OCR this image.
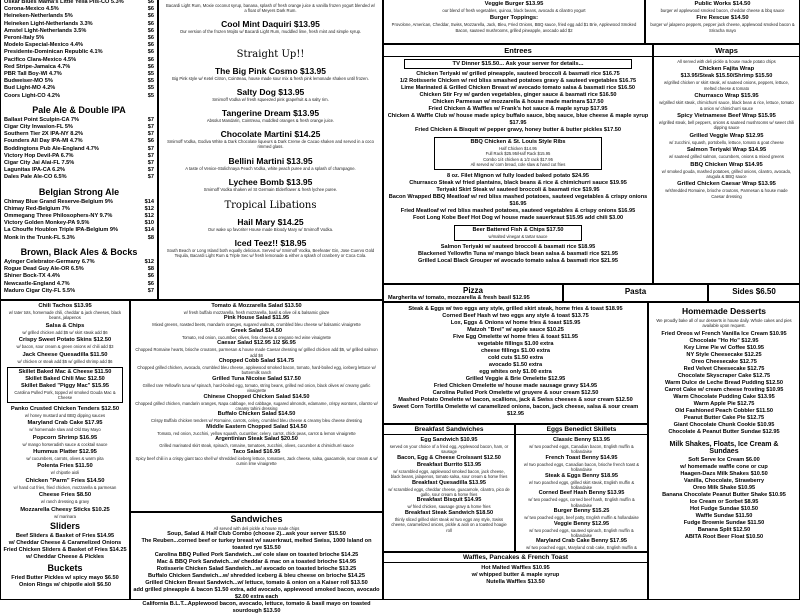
Oskar Blues Mama's Little Yella Pils-CO 5.3%	$6
Corona-Mexico 4.5%	$6
Heineken-Netherlands 5%	$6
Heineken Light-Netherlands 3.3%	$6
Amstel Light-Netherlands 3.5%	$6
Peroni-Italy 5%	$6
Modelo Especial-Mexico 4.4%	$6
Presidente-Dominican Republic 4.1%	$6
Pacifico Clara-Mexico 4.5%	$6
Red Stripe-Jamaica 4.7%	$6
PBR Tall Boy-WI 4.7%	$5
Budweiser-MO 5%	$5
Bud Light-MO 4.2%	$5
Coors Light-CO 4.2%	$5
Pale Ale & Double IPA
Ballast Point Sculpin-CA 7%	$7
Cigar City Invasion-FL 5%	$7
Southern Tier 2X IPA-NY 8.2%	$7
Founders All Day IPA-MI 4.7%	$6
Boddingtons Pub Ale-England 4.7%	$7
Victory Hop Devil-PA 6.7%	$7
Cigar City Jai Alai-FL 7.5%	$7
Lagunitas IPA-CA 6.2%	$7
Dales Pale Ale-CO 6.5%	$7
Belgian Strong Ale
Chimay Blue Grand Reserve-Belgium 9%	$14
Chimay Red-Belgium 7%	$12
Ommegang Three Philosophers-NY 9.7%	$12
Victory Golden Monkey-PA 9.5%	$10
La Chouffe Houblon Triple IPA-Belgium 9%	$14
Monk in the Trunk-FL 5.3%	$8
Brown, Black Ales & Bocks
Ayinger Celebrator-Germany 6.7%	$12
Rogue Dead Guy Ale-OR 6.5%	$8
Shiner Bock-TX 4.4%	$6
Newcastle-England 4.7%	$6
Maduro Cigar City-FL 5.5%	$7
Bacardi Light Rum, Moxie coconut syrup, banana, splash of fresh orange juice & vanilla frozen yogurt blended w/ a float of Meyers Dark Rum.
Cool Mint Daquiri $13.95
Our version of the frozen Mojito w/ Bacardi Light Rum, muddled lime, fresh mint and simple syrup.
Straight Up!!
The Big Pink Cosmo $13.95
Big Pink style w/ Ketel Citron, Cointreau, house made sour mix & fresh pink lemonade shaken until frozen.
Salty Dog $13.95
Smirnoff Vodka w/ fresh squeezed pink grapefruit & a salty rim.
Tangerine Dream $13.95
Absolut Mandarin, Cointreau, muddled oranges & fresh orange juice.
Chocolate Martini $14.25
Smirnoff Vodka, Godiva White & Dark Chocolate liqueurs & Dark Creme de Cacao shaken and served in a coco rimmed glass.
Bellini Martini $13.95
A taste of Venice-Stolichnaya Peach Vodka, white peach puree and a splash of champagne.
Lychee Bomb $13.95
Smirnoff Vodka shaken w/ St Germain Elderflower & fresh lychee puree.
Tropical Libations
Hail Mary $14.25
Our wake up favorite! House made Bloody Mary w/ Smirnoff Vodka.
Iced Teez!! $18.95
South Beach or Long Island both equally delicious. Served w/ Smirnoff Vodka, Beefeater Gin, Jose Cuervo Gold Tequila, Bacardi Light Rum & Triple Sec w/ fresh lemonade & either a splash of cranberry or Coca Cola.
Veggie Burger $13.95
our blend of fresh vegetables, quinoa, black beans, avocado & cilantro yogurt
Burger Toppings:
Provolone, American, Cheddar, Swiss, Mozzarella, Jack, Bleu, Fried Onions, BBQ sauce, fried egg add $1 Brie, Applewood Smoked Bacon, sauteed mushrooms, grilled pineapple, avocado add $2
Public Works $14.50
burger w/ applewood smoked bacon, cheddar cheese & bbq sauce
Fire Rescue $14.50
burger w/ jalapeno peppers, pepper jack cheese, applewood smoked bacon & Sriracha mayo
Entrees
TV Dinner $15.50... Ask your server for details...
Chicken Teriyaki w/ grilled pineapple, sauteed broccoli & basmati rice $16.75
1/2 Rotisserie Chicken w/ red bliss smashed potatoes gravy & sauteed vegetables $16.75
Lime Marinated & Grilled Chicken Breast w/ avocado tomato salsa & basmati rice $16.50
Chicken Stir Fry w/ garden vegetables, ginger sauce & basmati rice $16.50
Chicken Parmesan w/ mozzarella & house made marinara $17.50
Fried Chicken & Waffles w/ Frank's hot sauce & maple syrup $17.95
Chicken & Waffle Club w/ house made spicy buffalo sauce, bbq sauce, blue cheese & maple syrup $17.95
Fried Chicken & Bisquit w/ pepper gravy, honey butter & butter pickles $17.50
BBQ Chicken & St. Louis Style Ribs
Half Chicken $14.95
Full Rack $25.95/Half Rack $15.95
Combo 1/4 chicken & 1/2 rack $17.95
All served w/ corn bread, cole slaw & hand cut fries
8 oz. Filet Mignon w/ fully loaded baked potato $24.95
Churrasco Steak w/ fried plantains, black beans & rice & chimichurri sauce $19.95
Teriyaki Skirt Steak w/ sauteed broccoli & basmati rice $19.95
Bacon Wrapped BBQ Meatloaf w/ red bliss mashed potatoes, sauteed vegetables & crispy onions $16.95
Fried Meatloaf w/ red bliss mashed potatoes, sauteed vegetables & crispy onions $16.95
Foot Long Kobe Beef Hot Dog w/ house made sauerkraut $15.95 add chili $3.00
Beer Battered Fish & Chips $17.50
w/malted vinegar & tartar sauce
Salmon Teriyaki w/ sauteed broccoli & basmati rice $18.95
Blackened Yellowfin Tuna w/ mango black bean salsa & basmati rice $21.95
Grilled Local Black Grouper w/ avocado tomato salsa & basmati rice $21.95
Wraps
All served with deli pickle & house made potato chips
Chicken Fajita Wrap
$13.95/Steak $15.50/Shrimp $15.50
w/grilled chicken or skirt steak, w/ sauteed onions, peppers, lettuce, melted cheese & tomato
Churrasco Wrap $15.95
w/grilled skirt steak, chimichurri sauce, black bean & rice, lettuce, tomato & onion w/ chimichurri sauce
Spicy Vietnamese Beef Wrap $15.95
w/grilled steak, bell peppers, onions & sauteed mushrooms w/ sweet chili dipping sauce
Grilled Veggie Wrap $12.95
w/ zucchini, squash, portobello, lettuce, tomato & goat cheese
Salmon Teriyaki Wrap $14.95
w/ sauteed grilled salmon, cucumbers, onions & mixed greens
BBQ Chicken Wrap $14.95
w/ smoked gouda, mashed potatoes, grilled onions, cilantro, avocado, arugula & BBQ sauce
Grilled Chicken Caesar Wrap $13.95
w/shredded Romaine, brioche croutons, Parmesan & house made Caesar dressing
Chili Tachos $13.95
w/ tater tots, homemade chili, cheddar & jack cheeses, black beans, jalapenos
Salsa & Chips
w/ grilled chicken add $5 w/ skirt steak add $6
Crispy Sweet Potato Skins $12.50
w/ bacon, sour cream & green onions w/ chili add $3
Jack Cheese Quesadilla $11.50
w/ chicken or steak add $5 w/ grilled shrimp add $6
Skillet Baked Mac & Cheese $11.50
Skillet Baked Chili Mac $12.50
Skillet Baked "Piggy Mac" $15.95
Carolina Pulled Pork, topped w/ smoked Gouda Mac & Cheese
Panko Crusted Chicken Tenders $12.50
w/ honey mustard and BBQ dipping sauces
Maryland Crab Cake $17.95
w/ homemade slaw and Old Bay Mayo
Popcorn Shrimp $16.95
w/ mango horseradish sauce & cocktail sauce
Hummus Platter $12.95
w/ cucumbers, carrots, olives & warm pita
Polenta Fries $11.50
w/ chipotle aioli
Chicken "Parm" Fries $14.50
w/ hand cut fries, fried chicken, mozzarella & parmesan
Cheese Fries $8.50
w/ ranch dressing & gravy
Mozzarella Cheesy Sticks $10.25
w/ marinara
Sliders
Beef Sliders & Basket of Fries $14.95
w/ Cheddar Cheese & Caramelized Onions
Fried Chicken Sliders & Basket of Fries $14.25
w/ Cheddar Cheese & Pickles
Buckets
Fried Butter Pickles w/ spicy mayo $6.50
Onion Rings w/ chipotle aioli $6.50
Tomato & Mozzarella Salad $13.50
w/ fresh buffalo mozzarella, fresh mozzarella, basil & olive oil & balsamic glaze
Pink House Salad $11.95
Mixed greens, roasted beets, mandarin oranges, sugared walnuts, crumbled bleu cheese w/ balsamic vinaigrette
Greek Salad $14.50
Tomato, red onion, cucumber, olives, feta cheese & oregano red wine vinaigrette
Caesar Salad $12.95 1/2 $6.95
Chopped Romaine hearts, brioche croutons, parmesan & house made Caesar dressing w/ grilled chicken add $5, w/ grilled salmon add $6
Chopped Cobb Salad $14.75
Chopped grilled chicken, avocado, crumbled bleu cheese, applewood smoked bacon, tomato, hard-boiled egg, iceberg lettuce w/ buttermilk ranch
Grilled Tuna Nicoise Salad $17.50
Grilled rare Yellowfin tuna w/ spinach, hard-boiled egg, tomato, string beans, grilled red onion, black olives w/ creamy garlic vinaigrette
Chinese Chopped Chicken Salad $14.50
Chopped grilled chicken, mandarin oranges, Napa cabbage, red cabbage, sugared almonds, edamame, crispy wontons, cilantro w/ creamy tahini dressing
Buffalo Chicken Salad $14.50
Crispy Buffalo chicken tenders w/ Romaine, carrots, celery, crumbled bleu cheese & creamy bleu cheese dressing
Middle Eastern Chopped Salad $14.50
Tomato, red onion, zucchini, yellow squash, cucumber, celery, carrot, chick peas, carrot & lemon vinaigrette
Argentinian Steak Salad $20.50
Grilled marinated skirt steak, spinach, romaine, tomatoes, zucchini, olives, cucumber & chimichurri sauce
Taco Salad $16.95
Spicy beef chili in a crispy giant taco shell w/ shredded iceberg lettuce, tomatoes, Jack cheese, salsa, guacamole, sour cream & w/ cumin lime vinaigrette
Sandwiches
All served with deli pickle & house made chips
Soup, Salad & Half Club Combo (choose 2)...ask your server $15.50
The Reuben...corned beef or turkey breast w/ sauerkraut, melted Swiss, 1000 Island on toasted rye $15.50
Carolina BBQ Pulled Pork Sandwich...w/ cole slaw on toasted brioche $14.25
Mac & BBQ Pork Sandwich...w/ cheddar & mac on a toasted brioche $14.95
Rotisserie Chicken Salad Sandwich...w/ avocado on toasted brioche $13.25
Buffalo Chicken Sandwich...w/ shredded iceberg & bleu cheese on brioche $14.25
Grilled Chicken Breast Sandwich...w/ lettuce, tomato & onion on a Kaiser roll $13.50
add grilled pineapple & bacon $1.50 extra, add avocado, applewood smoked bacon, avocado $2.00 extra each
California B.L.T...Applewood bacon, avocado, lettuce, tomato & basil mayo on toasted sourdough $13.50
Pizza
Margherita w/ tomato, mozzarella & fresh basil $12.95
Pasta	Sides $6.50
Steak & Eggs w/ two eggs any style, grilled skirt steak, home fries & toast $18.95
Corned Beef Hash w/ two eggs any style & toast $13.75
Lox, Eggs & Onions w/ home fries & toast $15.95
Matzoh "Brei" w/ apple sauce $10.25
Five Egg Omelette w/ home fries & toast $11.95
vegetable fillings $1.00 extra
cheese fillings $1.00 extra
cold cuts $1.50 extra
avocado $1.50 extra
egg whites only $1.00 extra
Grilled Veggie & Brie Omelette $12.95
Fried Chicken Omelette w/ house made sausage gravy $14.95
Carolina Pulled Pork Omelette w/ gruyere & sour cream $12.50
Mashed Potato Omelette w/ bacon, scallions, jack & Swiss cheeses & sour cream $12.50
Sweet Corn Tortilla Omelette w/ caramelized onions, bacon, jack cheese, salsa & sour cream $12.95
Breakfast Sandwiches
Egg Sandwich $10.95
served on your choice of a fried egg, Applewood bacon, ham, or sausage
Bacon, Egg & Cheese Croissant $12.50
Breakfast Burrito $13.95
w/ scrambled eggs, applewood smoked bacon, jack cheese, black beans, jalapenos, tomato salsa, sour cream & home fries
Breakfast Quesadilla $13.95
w/ scrambled eggs, cheddar cheese, guacamole, cilantro, pico de gallo, sour cream & home fries
Breakfast Bisquit $14.95
w/ fried chicken, sausage gravy & home fries
Breakfast Steak Sandwich $18.50
thinly sliced grilled skirt steak w/ two eggs any style, Swiss cheese, caramelized onions, pickle & aioli on a toasted hoagie roll
Eggs Benedict Skillets
Classic Benny $13.95
w/ two poached eggs, Canadian bacon, English muffin & hollandaise
French Toast Benny $14.95
w/ two poached eggs, Canadian bacon, brioche french toast & hollandaise
Steak & Eggs Benny $18.95
w/ two poached eggs, grilled skirt steak, English muffin & hollandaise
Corned Beef Hash Benny $13.95
w/ two poached eggs, corned beef hash, English muffin & hollandaise
Burger Benny $15.25
w/ two poached eggs, beef patty, English muffin & hollandaise
Veggie Benny $12.95
w/ two poached eggs, sauteed spinach, English muffin & hollandaise
Maryland Crab Cake Benny $17.95
w/ two poached eggs, Maryland crab cake, English muffin &
Waffles, Pancakes & French Toast
Hot Malted Waffles $10.95
w/ whipped butter & maple syrup
Nutella Waffles $13.50
Homemade Desserts
We proudly bake all of our desserts in house daily. Whole cakes and pies available upon request.
Fried Oreos w/ French Vanilla Ice Cream $10.95
Chocolate "Ho Ho" $12.95
Key Lime Pie w/ Coffee $10.95
NY Style Cheesecake $12.25
Oreo Cheesecake $12.75
Red Velvet Cheesecake $12.75
Chocolate Skyscraper Cake $12.75
Warm Dulce de Leche Bread Pudding $12.50
Carrot Cake w/ cream cheese frosting $10.95
Warm Chocolate Pudding Cake $13.95
Warm Apple Pie $12.75
Old Fashioned Peach Cobbler $11.50
Peanut Butter Cake Pie $12.75
Giant Chocolate Chunk Cookie $10.95
Chocolate & Peanut Butter Sundae $12.95
Milk Shakes, Floats, Ice Cream & Sundaes
Soft Serve Ice Cream $6.00
w/ homemade waffle cone or cup
Haagen-Dazs Milk Shakes $10.50
Vanilla, Chocolate, Strawberry
Oreo Milk Shake $10.95
Banana Chocolate Peanut Butter Shake $10.95
Ice Cream or Sorbet $8.95
Hot Fudge Sundae $10.50
Waffle Sundae $11.50
Fudge Brownie Sundae $11.50
Banana Split $12.50
ABITA Root Beer Float $10.50
